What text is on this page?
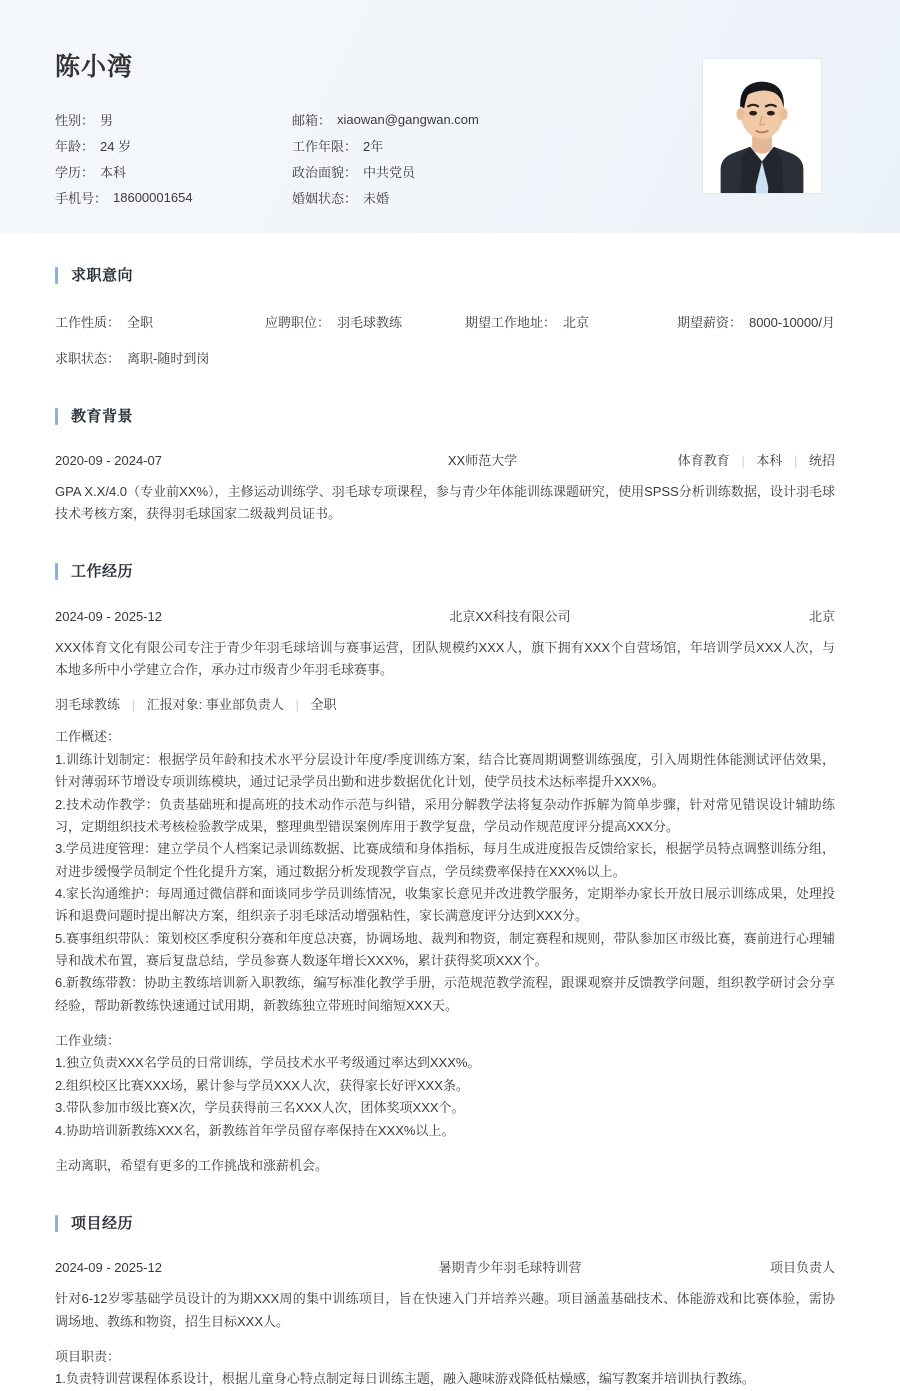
陈小湾
性别： 男	邮箱： xiaowan@gangwan.com
年龄： 24 岁	工作年限： 2年
学历： 本科	政治面貌： 中共党员
手机号： 18600001654	婚姻状态： 未婚
求职意向
工作性质： 全职	应聘职位： 羽毛球教练	期望工作地址： 北京	期望薪资： 8000-10000/月
求职状态： 离职-随时到岗
教育背景
2020-09 - 2024-07	XX师范大学	体育教育 | 本科 | 统招
GPA X.X/4.0（专业前XX%），主修运动训练学、羽毛球专项课程，参与青少年体能训练课题研究，使用SPSS分析训练数据，设计羽毛球技术考核方案，获得羽毛球国家二级裁判员证书。
工作经历
2024-09 - 2025-12	北京XX科技有限公司	北京
XXX体育文化有限公司专注于青少年羽毛球培训与赛事运营，团队规模约XXX人，旗下拥有XXX个自营场馆，年培训学员XXX人次，与本地多所中小学建立合作，承办过市级青少年羽毛球赛事。
羽毛球教练 | 汇报对象: 事业部负责人 | 全职
工作概述：
1.训练计划制定：根据学员年龄和技术水平分层设计年度/季度训练方案，结合比赛周期调整训练强度，引入周期性体能测试评估效果，针对薄弱环节增设专项训练模块，通过记录学员出勤和进步数据优化计划，使学员技术达标率提升XXX%。
2.技术动作教学：负责基础班和提高班的技术动作示范与纠错，采用分解教学法将复杂动作拆解为简单步骤，针对常见错误设计辅助练习，定期组织技术考核检验教学成果，整理典型错误案例库用于教学复盘，学员动作规范度评分提高XXX分。
3.学员进度管理：建立学员个人档案记录训练数据、比赛成绩和身体指标，每月生成进度报告反馈给家长，根据学员特点调整训练分组，对进步缓慢学员制定个性化提升方案，通过数据分析发现教学盲点，学员续费率保持在XXX%以上。
4.家长沟通维护：每周通过微信群和面谈同步学员训练情况，收集家长意见并改进教学服务，定期举办家长开放日展示训练成果，处理投诉和退费问题时提出解决方案，组织亲子羽毛球活动增强粘性，家长满意度评分达到XXX分。
5.赛事组织带队：策划校区季度积分赛和年度总决赛，协调场地、裁判和物资，制定赛程和规则，带队参加区市级比赛，赛前进行心理辅导和战术布置，赛后复盘总结，学员参赛人数逐年增长XXX%，累计获得奖项XXX个。
6.新教练带教：协助主教练培训新入职教练，编写标准化教学手册，示范规范教学流程，跟课观察并反馈教学问题，组织教学研讨会分享经验，帮助新教练快速通过试用期，新教练独立带班时间缩短XXX天。
工作业绩：
1.独立负责XXX名学员的日常训练，学员技术水平考级通过率达到XXX%。
2.组织校区比赛XXX场，累计参与学员XXX人次，获得家长好评XXX条。
3.带队参加市级比赛X次，学员获得前三名XXX人次，团体奖项XXX个。
4.协助培训新教练XXX名，新教练首年学员留存率保持在XXX%以上。
主动离职，希望有更多的工作挑战和涨薪机会。
项目经历
2024-09 - 2025-12	暑期青少年羽毛球特训营	项目负责人
针对6-12岁零基础学员设计的为期XXX周的集中训练项目，旨在快速入门并培养兴趣。项目涵盖基础技术、体能游戏和比赛体验，需协调场地、教练和物资，招生目标XXX人。
项目职责：
1.负责特训营课程体系设计，根据儿童身心特点制定每日训练主题，融入趣味游戏降低枯燥感，编写教案并培训执行教练。
